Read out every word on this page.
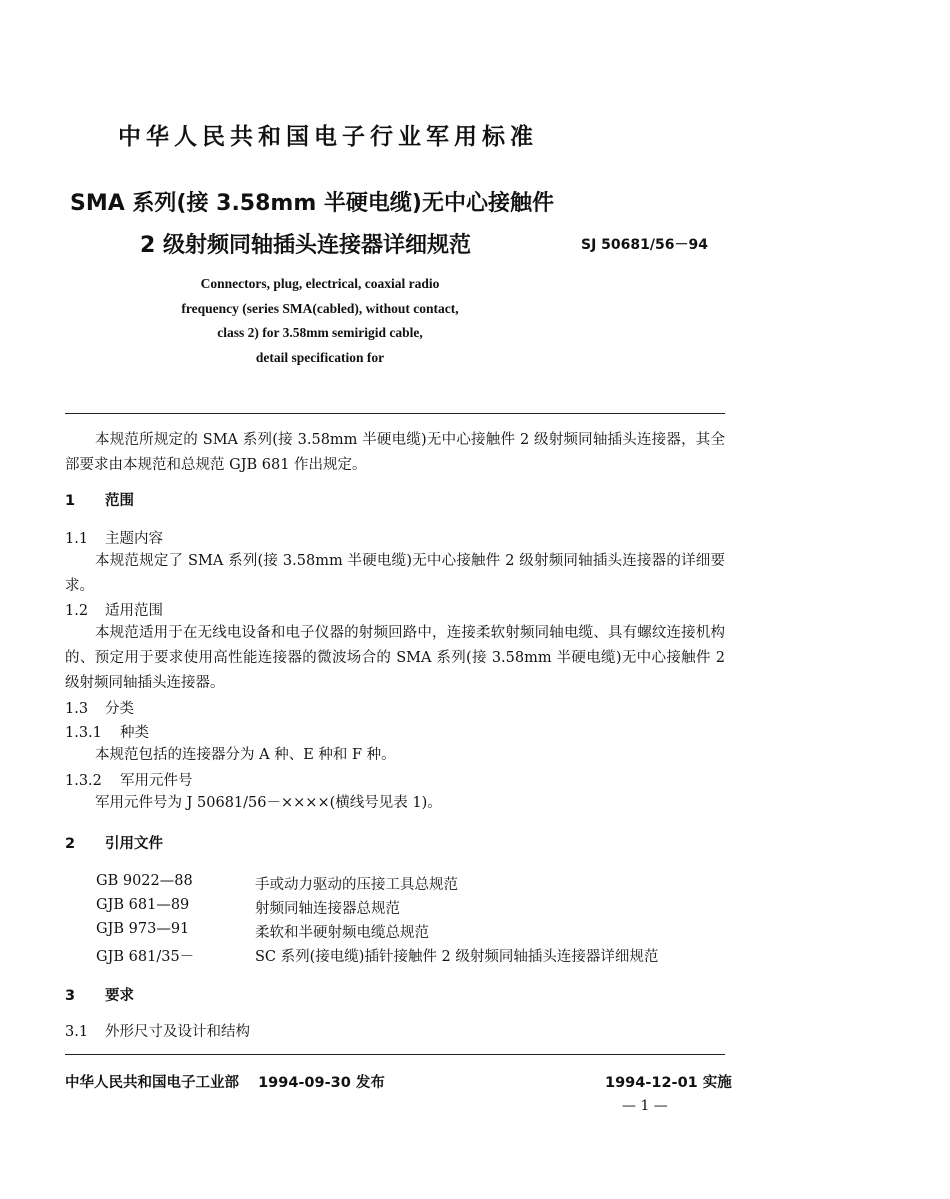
中华人民共和国电子行业军用标准
SMA 系列(接 3.58mm 半硬电缆)无中心接触件
2 级射频同轴插头连接器详细规范	SJ 50681/56－94
Connectors, plug, electrical, coaxial radio
frequency (series SMA(cabled), without contact,
class 2) for 3.58mm semirigid cable,
detail specification for
本规范所规定的 SMA 系列(接 3.58mm 半硬电缆)无中心接触件 2 级射频同轴插头连接器，其全部要求由本规范和总规范 GJB 681 作出规定。
1 范围
1.1 主题内容
本规范规定了 SMA 系列(接 3.58mm 半硬电缆)无中心接触件 2 级射频同轴插头连接器的详细要求。
1.2 适用范围
本规范适用于在无线电设备和电子仪器的射频回路中，连接柔软射频同轴电缆、具有螺纹连接机构的、预定用于要求使用高性能连接器的微波场合的 SMA 系列(接 3.58mm 半硬电缆)无中心接触件 2 级射频同轴插头连接器。
1.3 分类
1.3.1 种类
本规范包括的连接器分为 A 种、E 种和 F 种。
1.3.2 军用元件号
军用元件号为 J 50681/56－××××(横线号见表 1)。
2 引用文件
GB 9022—88	手或动力驱动的压接工具总规范
GJB 681—89	射频同轴连接器总规范
GJB 973—91	柔软和半硬射频电缆总规范
GJB 681/35－	SC 系列(接电缆)插针接触件 2 级射频同轴插头连接器详细规范
3 要求
3.1 外形尺寸及设计和结构
中华人民共和国电子工业部 1994-09-30 发布	1994-12-01 实施
— 1 —
